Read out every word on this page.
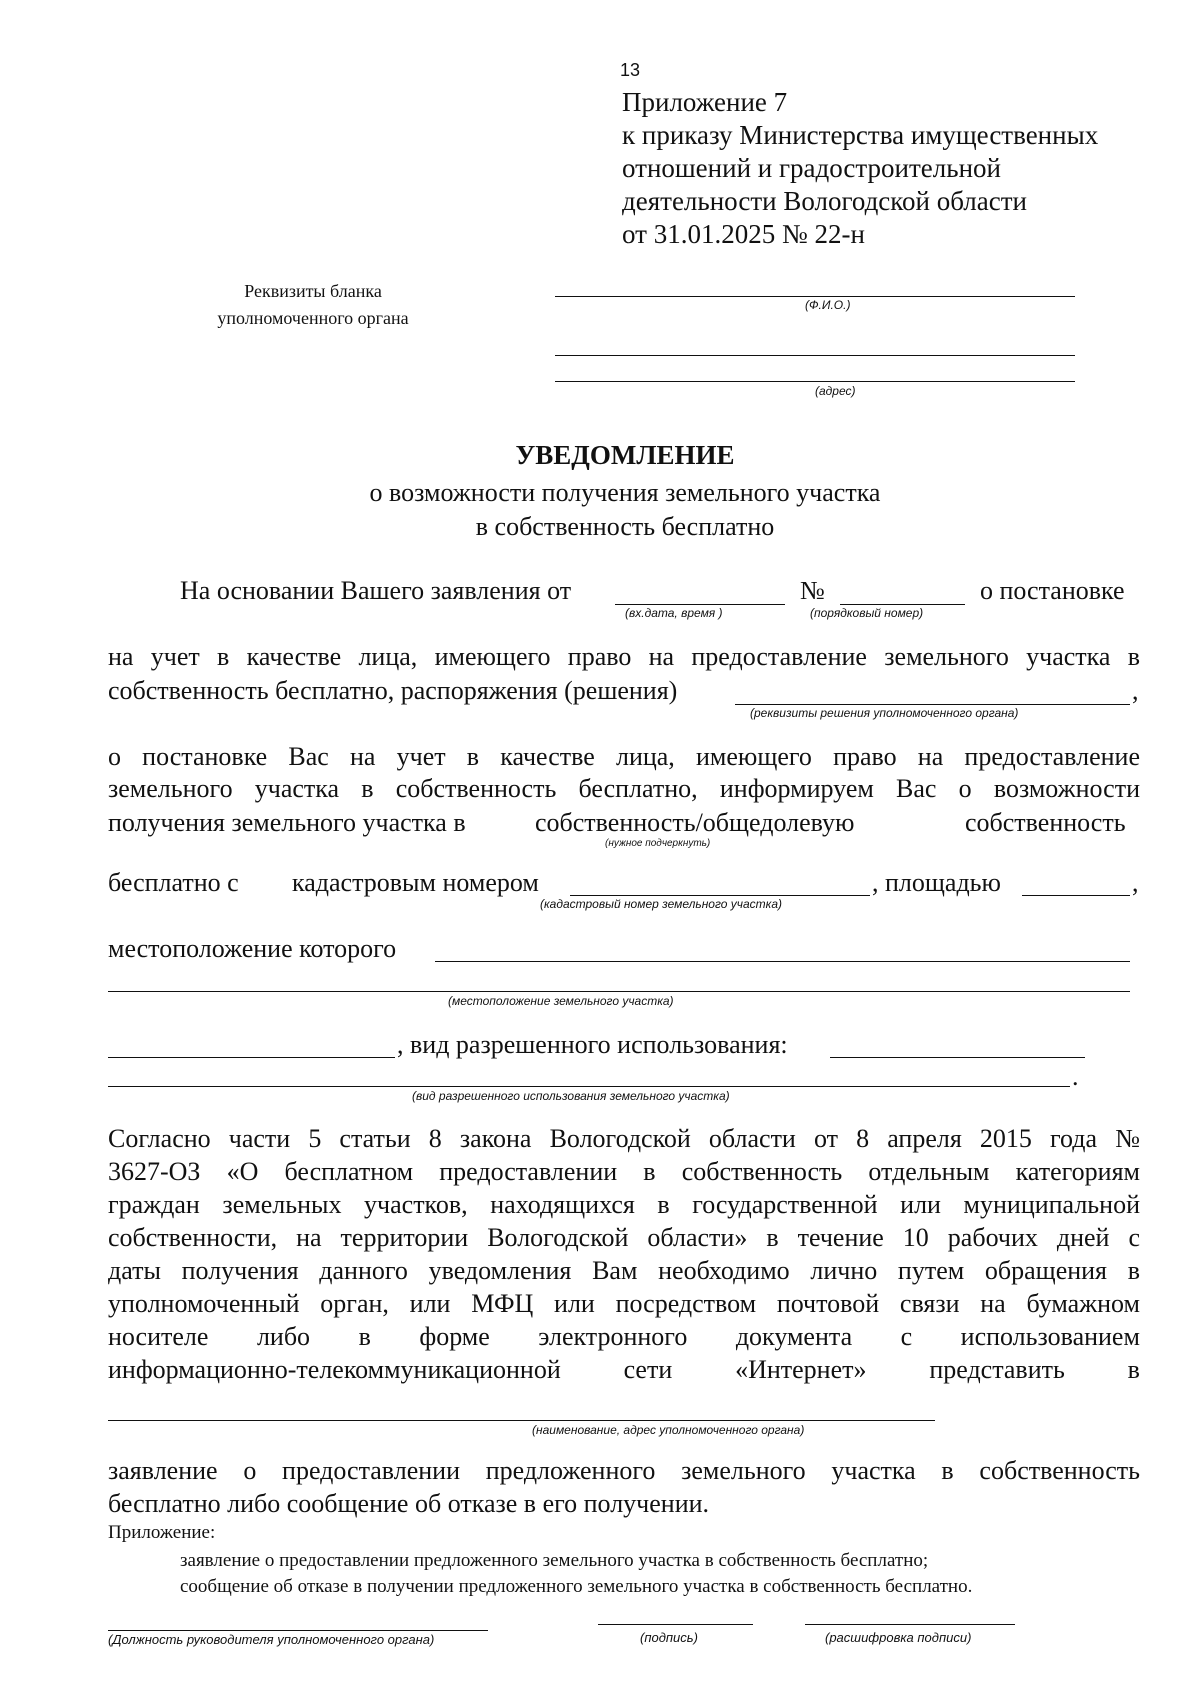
13
Приложение 7
к приказу Министерства имущественных
отношений и градостроительной
деятельности Вологодской области
от 31.01.2025 № 22-н
Реквизиты бланка
уполномоченного органа
(Ф.И.О.)
(адрес)
УВЕДОМЛЕНИЕ
о возможности получения земельного участка
в собственность бесплатно
На основании Вашего заявления от
(вх.дата, время )
№
(порядковый номер)
о постановке
на учет в качестве лица, имеющего право на предоставление земельного участка в
собственность бесплатно, распоряжения (решения)	,
(реквизиты решения уполномоченного органа)
о постановке Вас на учет в качестве лица, имеющего право на предоставление
земельного участка в собственность бесплатно, информируем Вас о возможности
получения земельного участка в	собственность/общедолевую	собственность
(нужное подчеркнуть)
бесплатно с кадастровым номером	, площадью	,
(кадастровый номер земельного участка)
местоположение которого
(местоположение земельного участка)
, вид разрешенного использования:
.
(вид разрешенного использования земельного участка)
Согласно части 5 статьи 8 закона Вологодской области от 8 апреля 2015 года №
3627-ОЗ «О бесплатном предоставлении в собственность отдельным категориям
граждан земельных участков, находящихся в государственной или муниципальной
собственности, на территории Вологодской области» в течение 10 рабочих дней с
даты получения данного уведомления Вам необходимо лично путем обращения в
уполномоченный орган, или МФЦ или посредством почтовой связи на бумажном
носителе либо в форме электронного документа с использованием
информационно-телекоммуникационной сети «Интернет» представить в
(наименование, адрес уполномоченного органа)
заявление о предоставлении предложенного земельного участка в собственность
бесплатно либо сообщение об отказе в его получении.
Приложение:
заявление о предоставлении предложенного земельного участка в собственность бесплатно;
сообщение об отказе в получении предложенного земельного участка в собственность бесплатно.
(Должность руководителя уполномоченного органа)	(подпись)	(расшифровка подписи)
